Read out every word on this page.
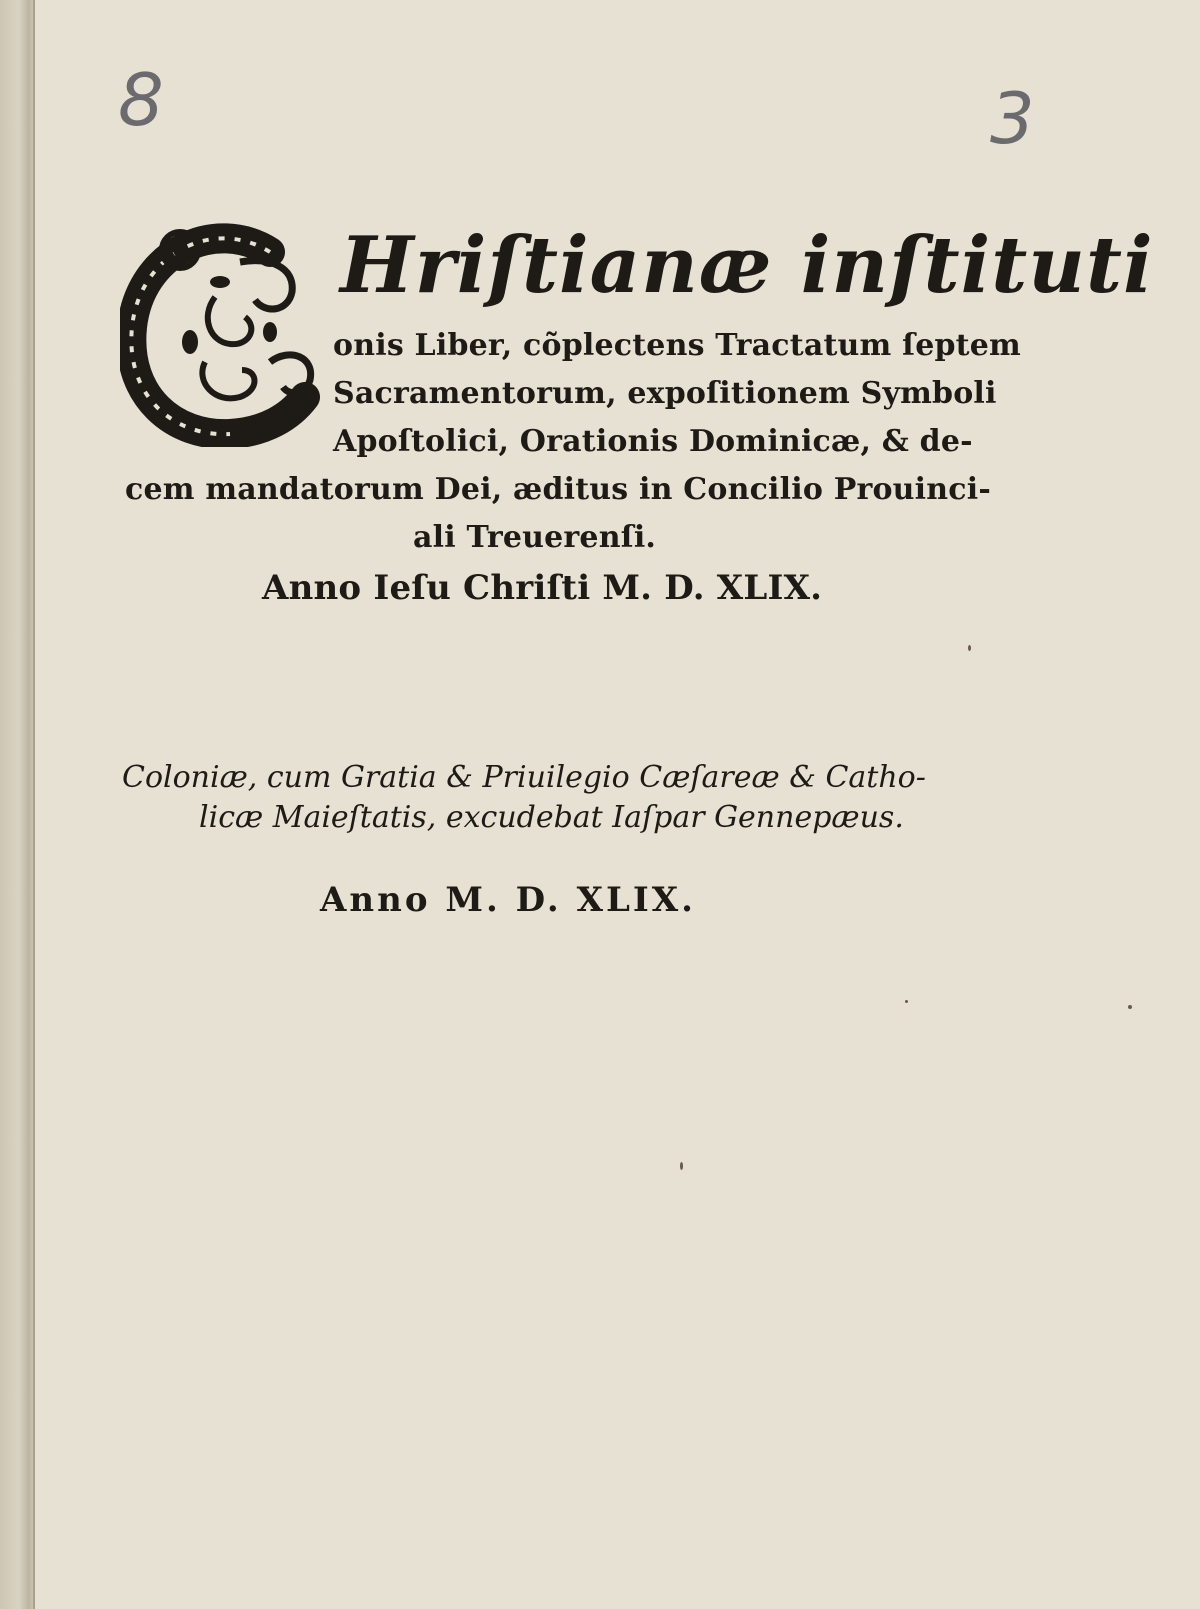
8	3
C
Hriſtianæ inſtituti
onis Liber, cõplectens Tractatum ſeptem
Sacramentorum, expoſitionem Symboli
Apoſtolici, Orationis Dominicæ, & de-
cem mandatorum Dei, æditus in Concilio Prouinci-
ali Treuerenſi.
Anno Ieſu Chriſti M. D. XLIX.
Coloniæ, cum Gratia & Priuilegio Cæſareæ & Catho-
licæ Maieſtatis, excudebat Iaſpar Gennepæus.
Anno M. D. XLIX.
